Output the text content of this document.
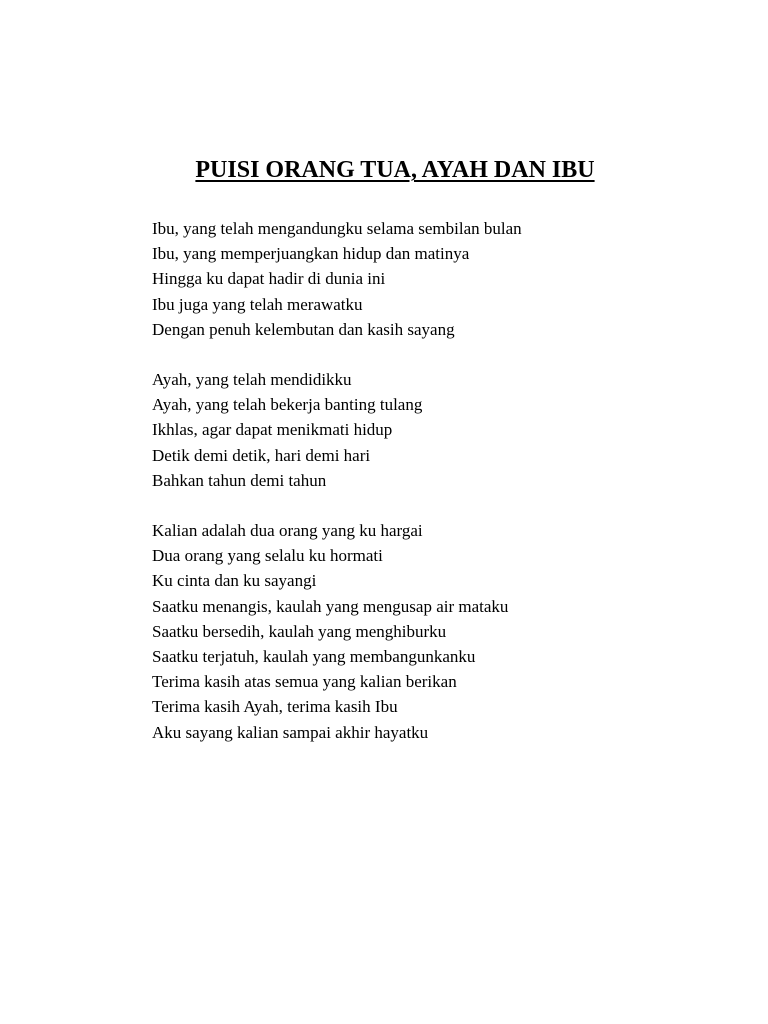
PUISI ORANG TUA, AYAH DAN IBU
Ibu, yang telah mengandungku selama sembilan bulan
Ibu, yang memperjuangkan hidup dan matinya
Hingga ku dapat hadir di dunia ini
Ibu juga yang telah merawatku
Dengan penuh kelembutan dan kasih sayang
Ayah, yang telah mendidikku
Ayah, yang telah bekerja banting tulang
Ikhlas, agar dapat menikmati hidup
Detik demi detik, hari demi hari
Bahkan tahun demi tahun
Kalian adalah dua orang yang ku hargai
Dua orang yang selalu ku hormati
Ku cinta dan ku sayangi
Saatku menangis, kaulah yang mengusap air mataku
Saatku bersedih, kaulah yang menghiburku
Saatku terjatuh, kaulah yang membangunkanku
Terima kasih atas semua yang kalian berikan
Terima kasih Ayah, terima kasih Ibu
Aku sayang kalian sampai akhir hayatku
